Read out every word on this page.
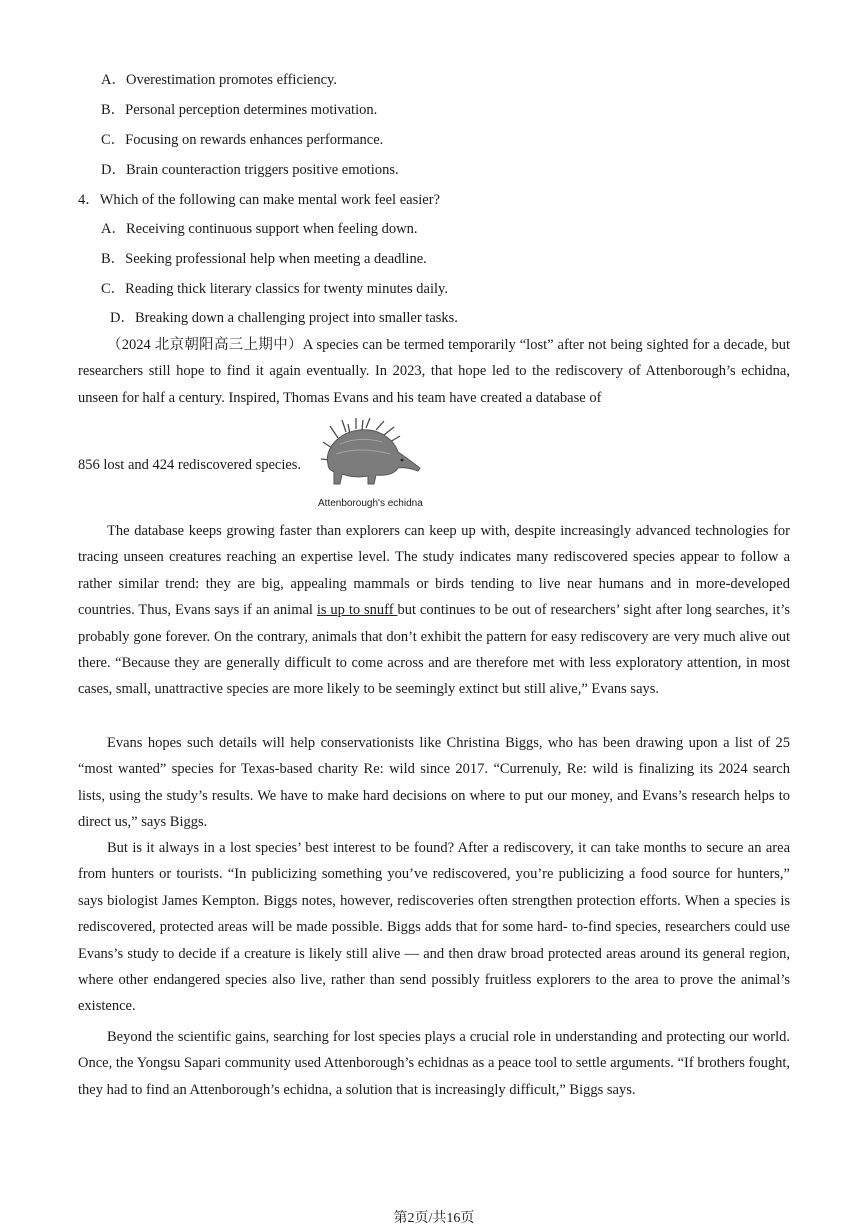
A．Overestimation promotes efficiency.
B．Personal perception determines motivation.
C．Focusing on rewards enhances performance.
D．Brain counteraction triggers positive emotions.
4．Which of the following can make mental work feel easier?
A．Receiving continuous support when feeling down.
B．Seeking professional help when meeting a deadline.
C．Reading thick literary classics for twenty minutes daily.
D．Breaking down a challenging project into smaller tasks.

（2024 北京朝阳高三上期中）A species can be termed temporarily “lost” after not being sighted for a decade, but researchers still hope to find it again eventually. In 2023, that hope led to the rediscovery of Attenborough’s echidna, unseen for half a century. Inspired, Thomas Evans and his team have created a database of

856 lost and 424 rediscovered species.
Attenborough's echidna

The database keeps growing faster than explorers can keep up with, despite increasingly advanced technologies for tracing unseen creatures reaching an expertise level. The study indicates many rediscovered species appear to follow a rather similar trend: they are big, appealing mammals or birds tending to live near humans and in more-developed countries. Thus, Evans says if an animal is up to snuff but continues to be out of researchers’ sight after long searches, it’s probably gone forever. On the contrary, animals that don’t exhibit the pattern for easy rediscovery are very much alive out there. “Because they are generally difficult to come across and are therefore met with less exploratory attention, in most cases, small, unattractive species are more likely to be seemingly extinct but still alive,” Evans says.

Evans hopes such details will help conservationists like Christina Biggs, who has been drawing upon a list of 25 “most wanted” species for Texas-based charity Re: wild since 2017. “Currenuly, Re: wild is finalizing its 2024 search lists, using the study’s results. We have to make hard decisions on where to put our money, and Evans’s research helps to direct us,” says Biggs.

But is it always in a lost species’ best interest to be found? After a rediscovery, it can take months to secure an area from hunters or tourists. “In publicizing something you’ve rediscovered, you’re publicizing a food source for hunters,” says biologist James Kempton. Biggs notes, however, rediscoveries often strengthen protection efforts. When a species is rediscovered, protected areas will be made possible. Biggs adds that for some hard- to-find species, researchers could use Evans’s study to decide if a creature is likely still alive — and then draw broad protected areas around its general region, where other endangered species also live, rather than send possibly fruitless explorers to the area to prove the animal’s existence.

Beyond the scientific gains, searching for lost species plays a crucial role in understanding and protecting our world. Once, the Yongsu Sapari community used Attenborough’s echidnas as a peace tool to settle arguments. “If brothers fought, they had to find an Attenborough’s echidna, a solution that is increasingly difficult,” Biggs says.

第2页/共16页
